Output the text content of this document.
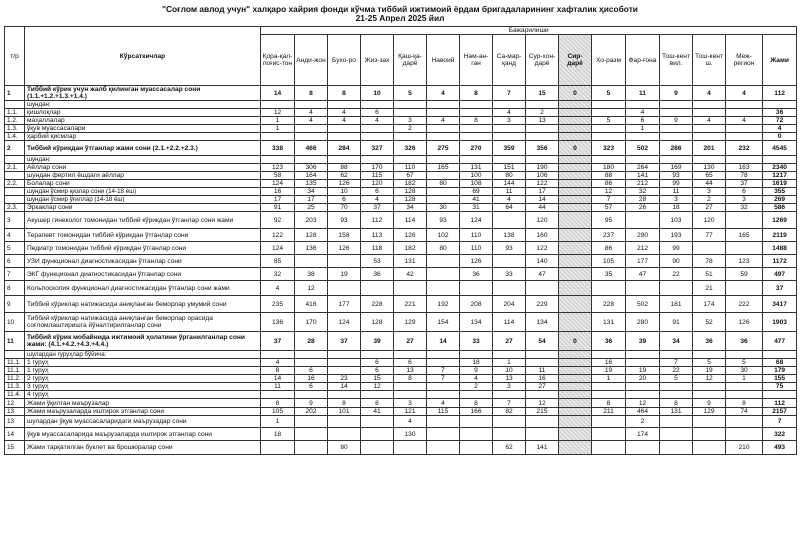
"Соғлом авлод учун" халқаро хайрия фонди кўчма тиббий ижтимоий ёрдам бригадаларининг хафталик ҳисоботи
21-25 Апрел 2025 йил
т/р	Кўрсаткичлар	Бажарилиши															
		Қора-қал-поғис-тон	Анди-жон	Бухо-ро	Жиз-зах	Қаш-қа-дарё	Навоий	Нам-ан-ган	Са-мар-қанд	Сур-хон-дарё	Сир-дарё	Хо-разм	Фар-ғона	Тош-кент вил.	Тош-кент ш.	Меж-регион	Жами
1	Тиббий кўрик учун жалб қилинган муассасалар сони (1.1.+1.2.+1.3.+1.4.)	14	8	8	10	5	4	8	7	15	0	5	11	9	4	4	112
	шундан:																
1.1.	қишлоқлар	12	4	4	6				4	2			4				36
1.2.	маҳаллалар	1	4	4	4	3	4	8	3	13		5	6	9	4	4	72
1.3.	ўқув муассасалари	1				2							1				4
1.4.	ҳарбий қисмлар																0
2	Тиббий кўрикдан ўтганлар жами сони (2.1.+2.2.+2.3.)	338	466	284	327	326	275	270	359	356	0	323	502	286	201	232	4545
	шундан:																
2.1.	Аёллар сони	123	306	88	170	110	165	131	151	190		180	264	169	130	163	2340
	шундан фертил ёшдаги аёллар	58	164	62	115	67		100	80	106		88	141	93	65	78	1217
2.2.	Болалар сони	124	135	126	120	182	80	108	144	122		86	212	99	44	37	1619
	шундан ўсмир қизлар сони (14-18 ёш)	16	34	10	6	128		69	11	17		12	32	11	3	6	355
	шундан ўсмир ўғиллар (14-18 ёш)	17	17	6	4	128		41	4	14		7	28	3	2	3	269
2.3.	Эркаклар сони	91	25	70	37	34	30	31	64	44		57	26	18	27	32	586
3	Акушер гинеколог томонидан тиббий кўрикдан ўтганлар сони жами	92	203	93	112	114	93	124		120		95		103	120		1269
4	Терапевт томонидан тиббий кўрикдан ўтганлар сони	122	128	158	113	126	102	110	138	160		237	290	193	77	165	2119
5	Педиатр томонидан тиббий кўрикдан ўтганлар сони	124	136	126	118	182	80	110	93	122		86	212	99			1488
6	УЗИ функционал диагностикасидан ўтганлар сони	85			53	131		126		140		105	177	90	78	123	1172
7	ЭКГ функционал диагностикасидан ўтганлар сони	32	38	19	36	42		36	33	47		35	47	22	51	59	497
8	Кольпоскопия функционал диагностикасидан ўтганлар сони жами	4	12												21		37
9	Тиббий кўриклар натижасида аниқланган беморлар умумий сони	235	416	177	228	221	192	208	204	229		228	502	181	174	222	3417
10	Тиббий кўриклар натижасида аниқланган беморлар орасида соғломлаштиришга йўналтирилганлар сони	136	170	124	128	129	154	134	114	134		131	280	91	52	126	1903
11	Тиббий кўрик мобайнида ижтимоий ҳолатини ўрганилганлар сони жами: (4.1.+4.2.+4.3.+4.4.)	37	28	37	39	27	14	33	27	54	0	36	39	34	36	36	477
	шулардан гуруҳлар бўйича:																
11.1.	1 гуруҳ	4			6	6		18	1			16		7	5	5	68
11.1.	1 гуруҳ	8	6		6	13	7	9	10	11		19	19	22	19	30	179
11.2.	2 гуруҳ	14	16	23	15	8	7	4	13	16		1	20	5	12	1	155
11.3.	3 гуруҳ	11	6	14	12			2	3	27							75
11.4.	4 гуруҳ																
12	Жами ўқилган маърузалар	8	9	8	8	3	4	8	7	12		8	12	8	9	8	112
13	Жами маърузаларда иштирок этганлар сони	105	202	101	41	121	115	166	82	215		211	464	131	129	74	2157
13	шулардан ўқув муассасаларидаги маърузадар сони	1				4							2				7
14	ўқув муассасаларида маърузаларда иштирок этганлар сони	18				130							174				322
15	Жами тарқатилган буклет ва брошюралар сони			80					62	141						210	493
